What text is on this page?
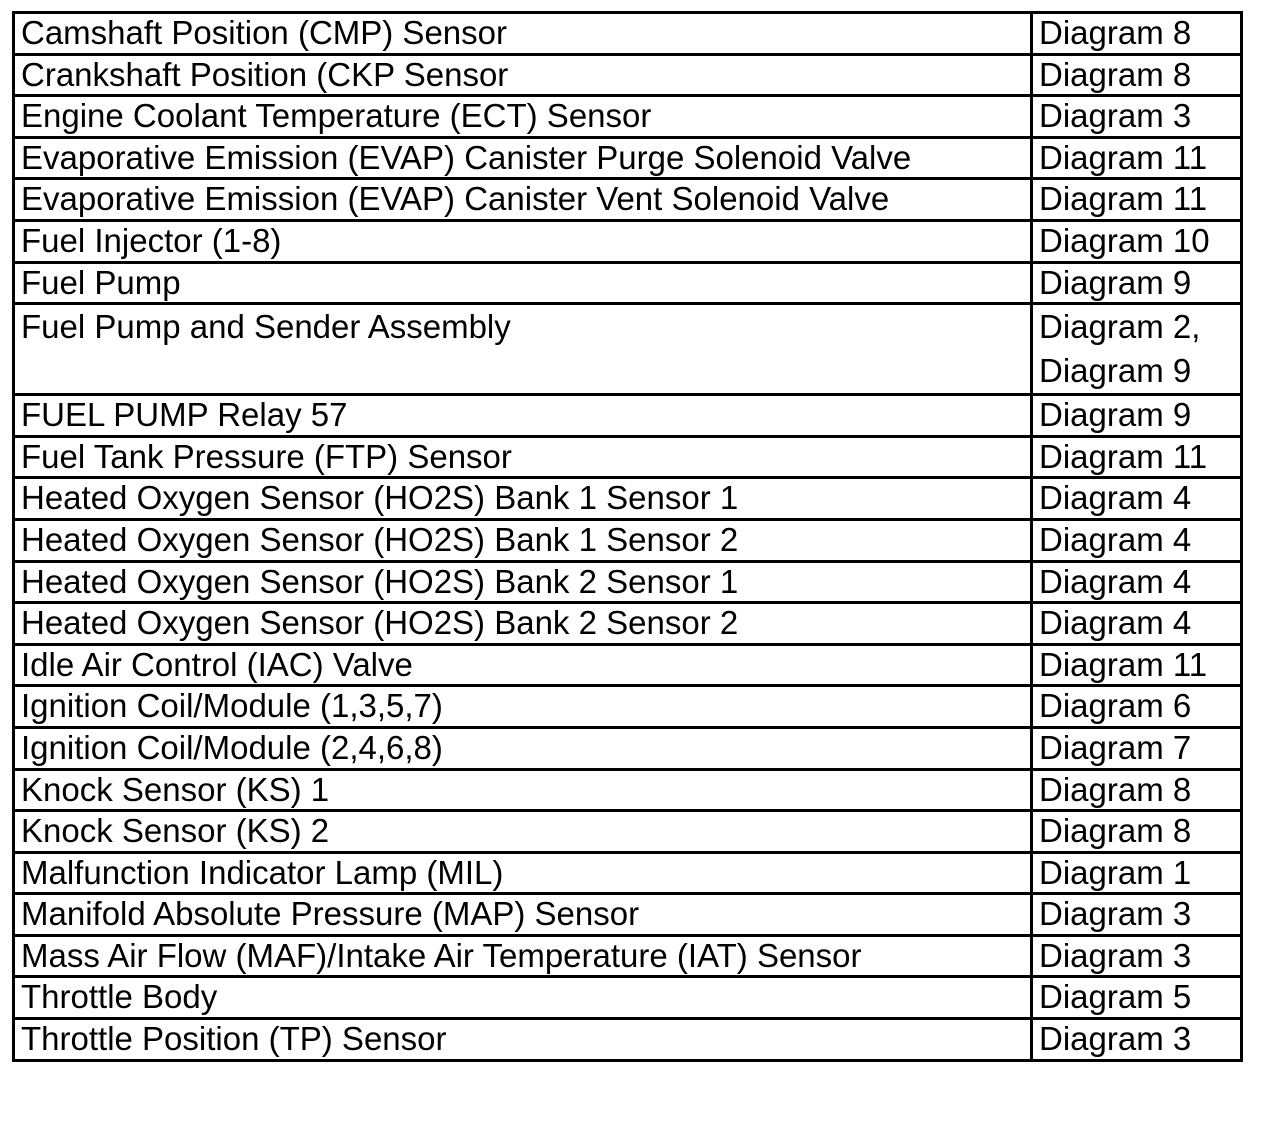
Camshaft Position (CMP) Sensor	Diagram 8
Crankshaft Position (CKP Sensor	Diagram 8
Engine Coolant Temperature (ECT) Sensor	Diagram 3
Evaporative Emission (EVAP) Canister Purge Solenoid Valve	Diagram 11
Evaporative Emission (EVAP) Canister Vent Solenoid Valve	Diagram 11
Fuel Injector (1-8)	Diagram 10
Fuel Pump	Diagram 9
Fuel Pump and Sender Assembly	Diagram 2, Diagram 9
FUEL PUMP Relay 57	Diagram 9
Fuel Tank Pressure (FTP) Sensor	Diagram 11
Heated Oxygen Sensor (HO2S) Bank 1 Sensor 1	Diagram 4
Heated Oxygen Sensor (HO2S) Bank 1 Sensor 2	Diagram 4
Heated Oxygen Sensor (HO2S) Bank 2 Sensor 1	Diagram 4
Heated Oxygen Sensor (HO2S) Bank 2 Sensor 2	Diagram 4
Idle Air Control (IAC) Valve	Diagram 11
Ignition Coil/Module (1,3,5,7)	Diagram 6
Ignition Coil/Module (2,4,6,8)	Diagram 7
Knock Sensor (KS) 1	Diagram 8
Knock Sensor (KS) 2	Diagram 8
Malfunction Indicator Lamp (MIL)	Diagram 1
Manifold Absolute Pressure (MAP) Sensor	Diagram 3
Mass Air Flow (MAF)/Intake Air Temperature (IAT) Sensor	Diagram 3
Throttle Body	Diagram 5
Throttle Position (TP) Sensor	Diagram 3
